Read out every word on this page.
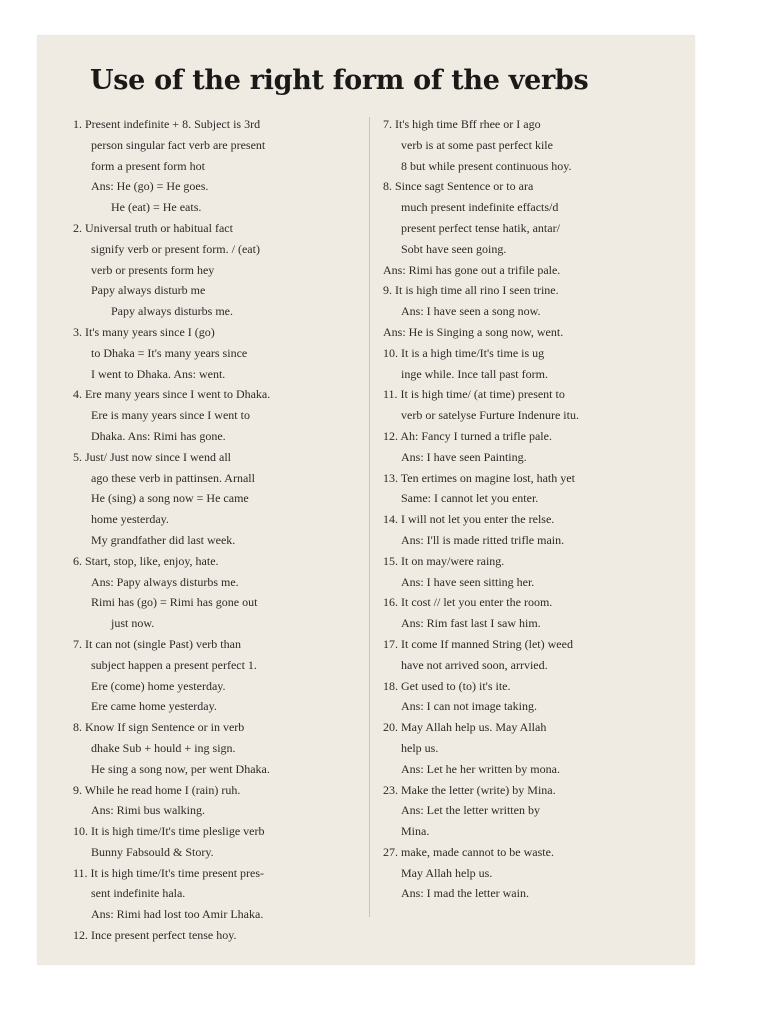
Use of the right form of the verbs
1. Present indefinite + 8. Subject is 3rd
person singular fact verb are present
form a present form hot
Ans: He (go) = He goes.
He (eat) = He eats.
2. Universal truth or habitual fact
signify verb or present form. / (eat)
verb or presents form hey
Papy always disturb me
Papy always disturbs me.
3. It's many years since I (go)
to Dhaka = It's many years since
I went to Dhaka. Ans: went.
4. Ere many years since I went to Dhaka.
Ere is many years since I went to
Dhaka. Ans: Rimi has gone.
5. Just/ Just now since I wend all
ago these verb in pattinsen. Arnall
He (sing) a song now = He came
home yesterday.
My grandfather did last week.
6. Start, stop, like, enjoy, hate.
Ans: Papy always disturbs me.
Rimi has (go) = Rimi has gone out
just now.
7. It can not (single Past) verb than
subject happen a present perfect 1.
Ere (come) home yesterday.
Ere came home yesterday.
8. Know If sign Sentence or in verb
dhake Sub + hould + ing sign.
He sing a song now, per went Dhaka.
9. While he read home I (rain) ruh.
Ans: Rimi bus walking.
10. It is high time/It's time pleslige verb
Bunny Fabsould & Story.
11. It is high time/It's time present pres-
sent indefinite hala.
Ans: Rimi had lost too Amir Lhaka.
12. Ince present perfect tense hoy.
7. It's high time Bff rhee or I ago
verb is at some past perfect kile
8 but while present continuous hoy.
8. Since sagt Sentence or to ara
much present indefinite effacts/d
present perfect tense hatik, antar/
Sobt have seen going.
Ans: Rimi has gone out a trifile pale.
9. It is high time all rino I seen trine.
Ans: I have seen a song now.
Ans: He is Singing a song now, went.
10. It is a high time/It's time is ug
inge while. Ince tall past form.
11. It is high time/ (at time) present to
verb or satelyse Furture Indenure itu.
12. Ah: Fancy I turned a trifle pale.
Ans: I have seen Painting.
13. Ten ertimes on magine lost, hath yet
Same: I cannot let you enter.
14. I will not let you enter the relse.
Ans: I'll is made ritted trifle main.
15. It on may/were raing.
Ans: I have seen sitting her.
16. It cost // let you enter the room.
Ans: Rim fast last I saw him.
17. It come If manned String (let) weed
have not arrived soon, arrvied.
18. Get used to (to) it's ite.
Ans: I can not image taking.
20. May Allah help us. May Allah
help us.
Ans: Let he her written by mona.
23. Make the letter (write) by Mina.
Ans: Let the letter written by
Mina.
27. make, made cannot to be waste.
May Allah help us.
Ans: I mad the letter wain.
